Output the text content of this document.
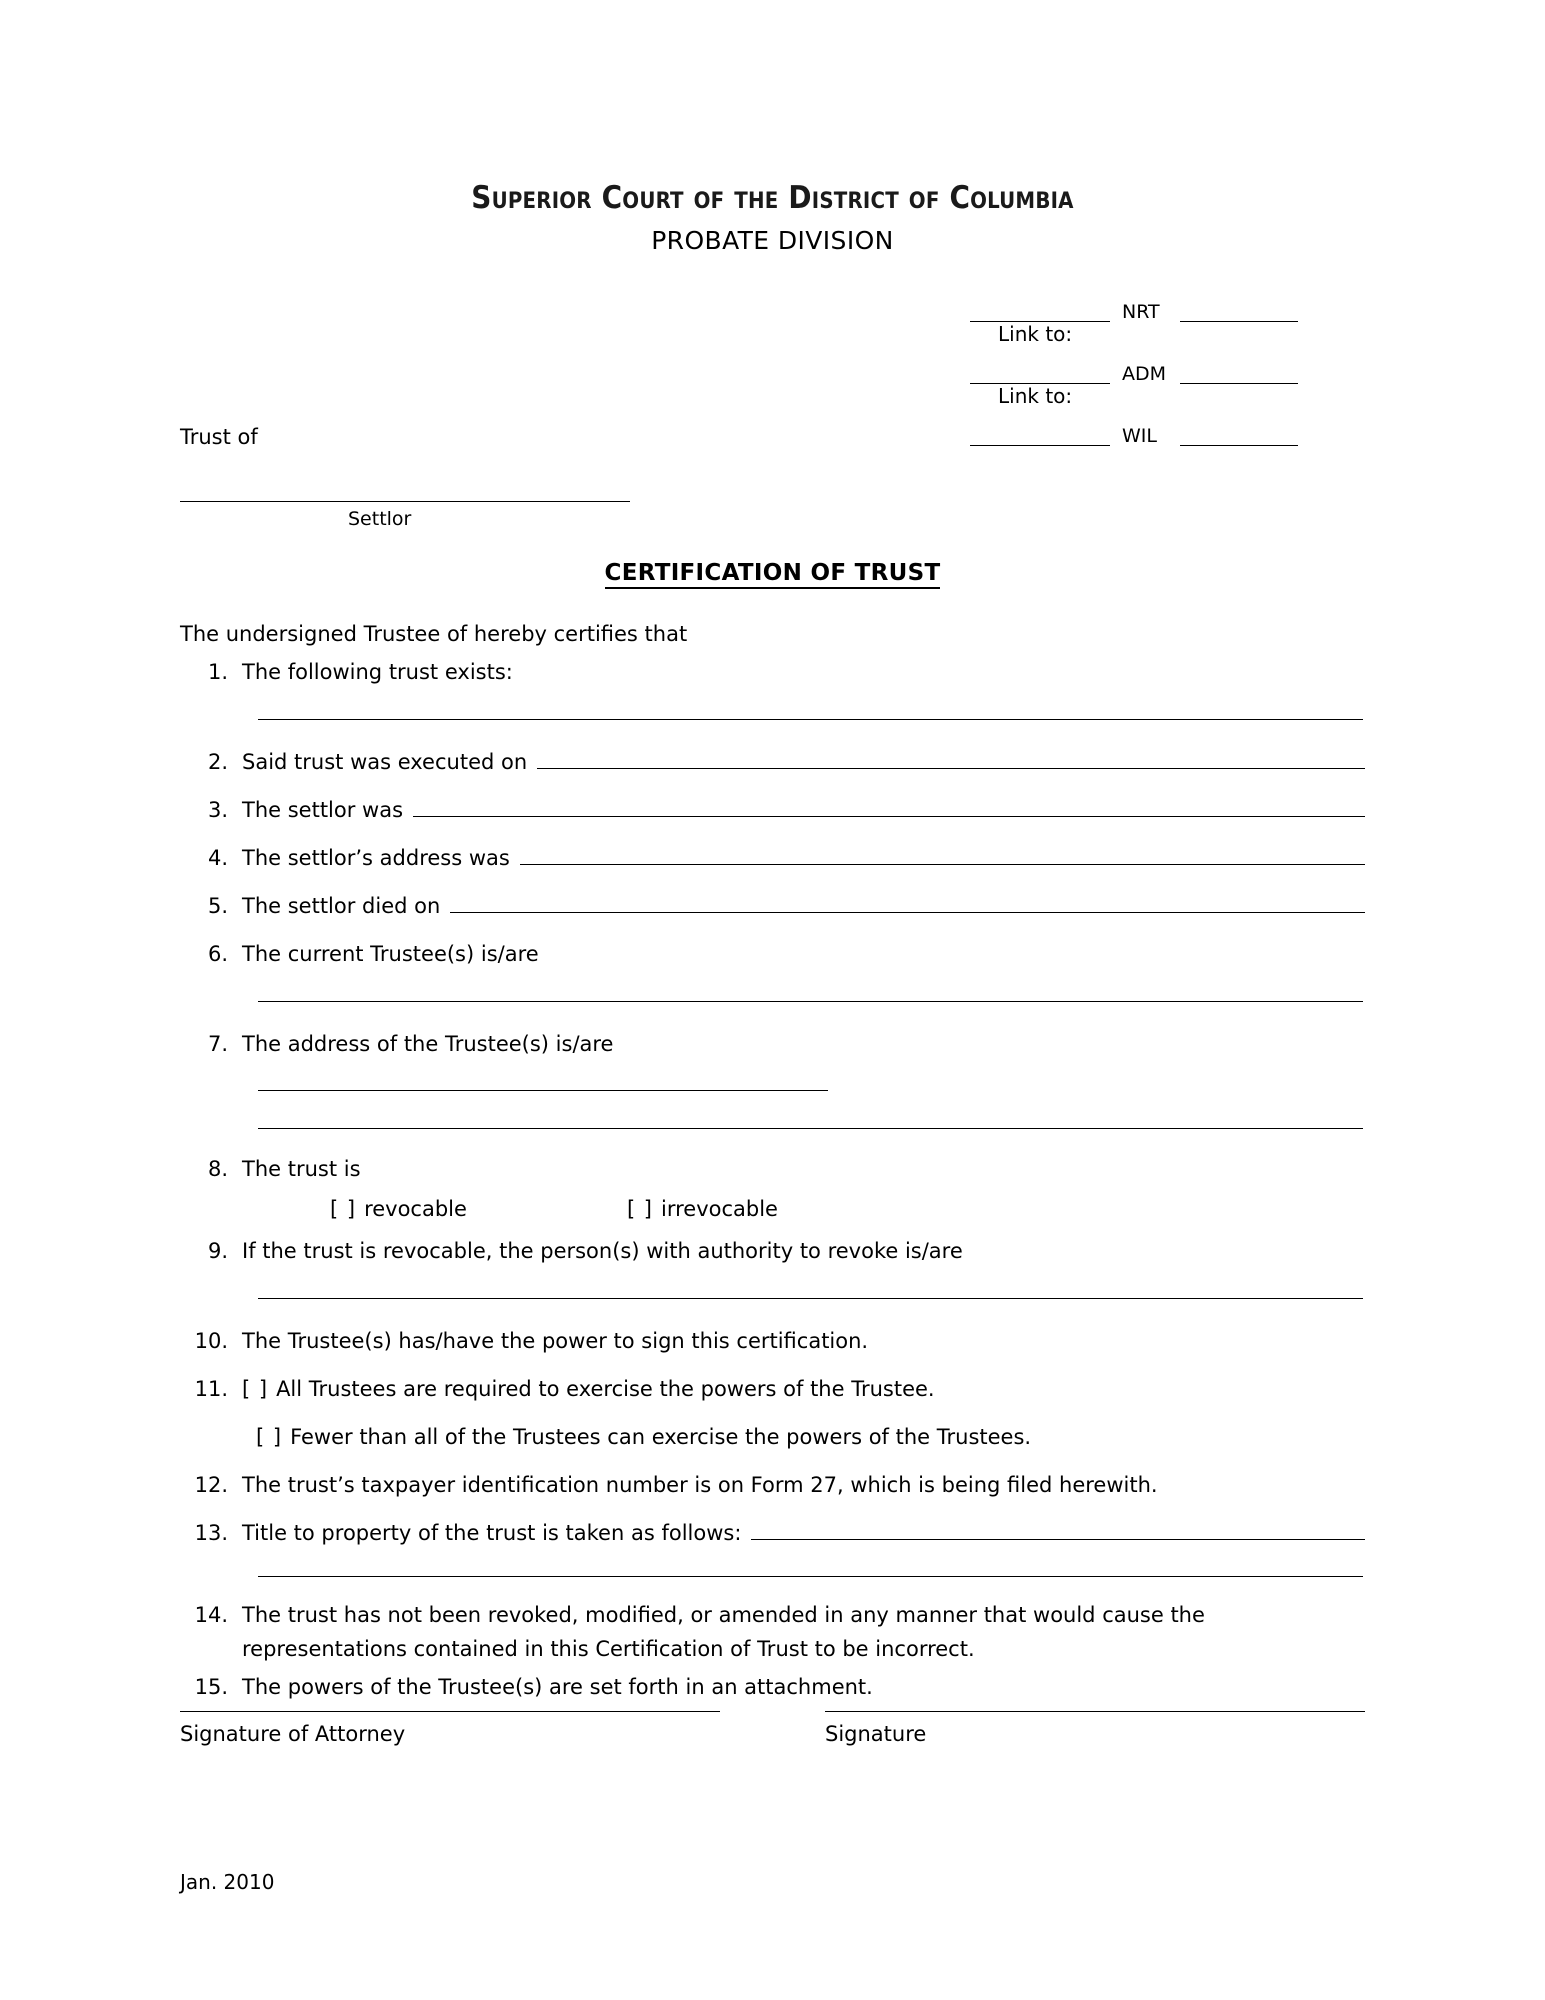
Superior Court of the District of Columbia
PROBATE DIVISION
NRT
Link to:
ADM
Link to:
WIL
Trust of
Settlor
CERTIFICATION OF TRUST
The undersigned Trustee of hereby certifies that
1. The following trust exists:
2. Said trust was executed on
3. The settlor was
4. The settlor’s address was
5. The settlor died on
6. The current Trustee(s) is/are
7. The address of the Trustee(s) is/are
8. The trust is
[ ] revocable	[ ] irrevocable
9. If the trust is revocable, the person(s) with authority to revoke is/are
10. The Trustee(s) has/have the power to sign this certification.
11. [ ] All Trustees are required to exercise the powers of the Trustee.
[ ] Fewer than all of the Trustees can exercise the powers of the Trustees.
12. The trust’s taxpayer identification number is on Form 27, which is being filed herewith.
13. Title to property of the trust is taken as follows:
14. The trust has not been revoked, modified, or amended in any manner that would cause the
representations contained in this Certification of Trust to be incorrect.
15. The powers of the Trustee(s) are set forth in an attachment.
Signature of Attorney	Signature
Jan. 2010
